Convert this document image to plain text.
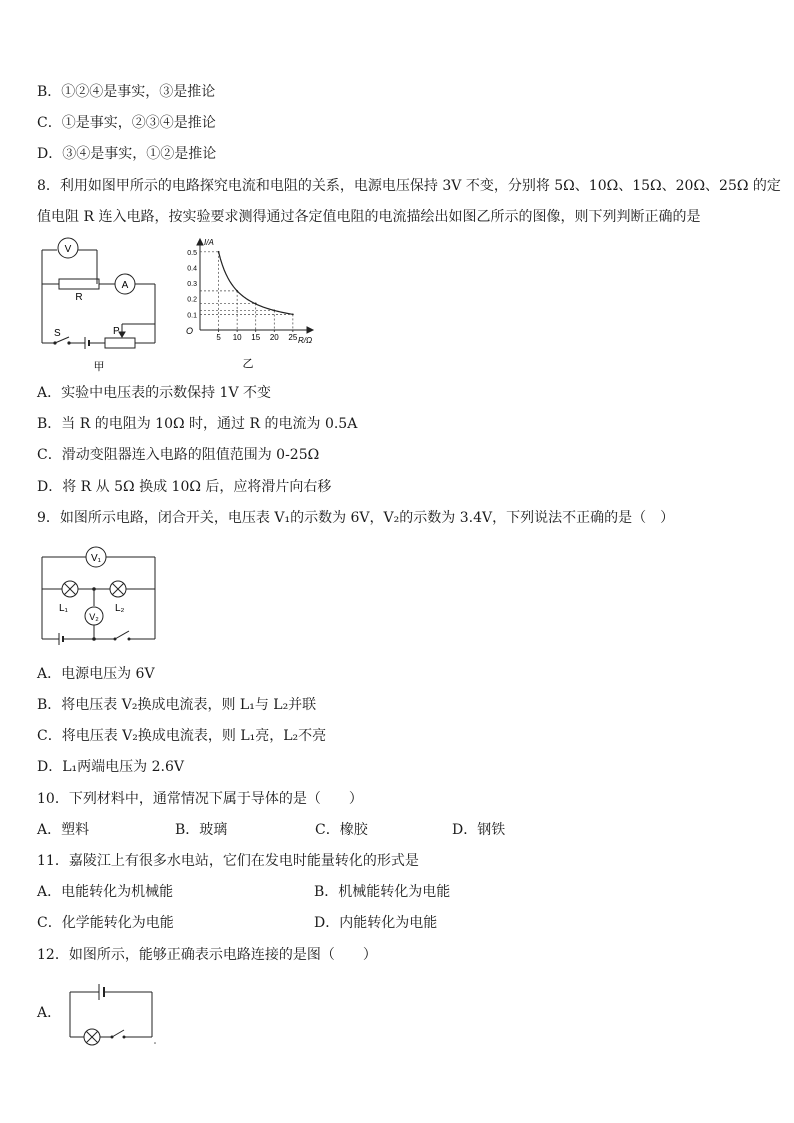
B．①②④是事实，③是推论
C．①是事实，②③④是推论
D．③④是事实，①②是推论
8．利用如图甲所示的电路探究电流和电阻的关系，电源电压保持 3V 不变，分别将 5Ω、10Ω、15Ω、20Ω、25Ω 的定
值电阻 R 连入电路，按实验要求测得通过各定值电阻的电流描绘出如图乙所示的图像，则下列判断正确的是
V
A
R
S	P
甲
5 10 15 20 25
0.1
0.2
0.3
0.4
0.5
O
I/A
R/Ω
乙
A．实验中电压表的示数保持 1V 不变
B．当 R 的电阻为 10Ω 时，通过 R 的电流为 0.5A
C．滑动变阻器连入电路的阻值范围为 0-25Ω
D．将 R 从 5Ω 换成 10Ω 后，应将滑片向右移
9．如图所示电路，闭合开关，电压表 V₁的示数为 6V，V₂的示数为 3.4V，下列说法不正确的是（　）
V₁
V₂
L₁	L₂
A．电源电压为 6V
B．将电压表 V₂换成电流表，则 L₁与 L₂并联
C．将电压表 V₂换成电流表，则 L₁亮，L₂不亮
D．L₁两端电压为 2.6V
10．下列材料中，通常情况下属于导体的是（　　）
A．塑料	B．玻璃	C．橡胶	D．钢铁
11．嘉陵江上有很多水电站，它们在发电时能量转化的形式是
A．电能转化为机械能	B．机械能转化为电能
C．化学能转化为电能	D．内能转化为电能
12．如图所示，能够正确表示电路连接的是图（　　）
A．
